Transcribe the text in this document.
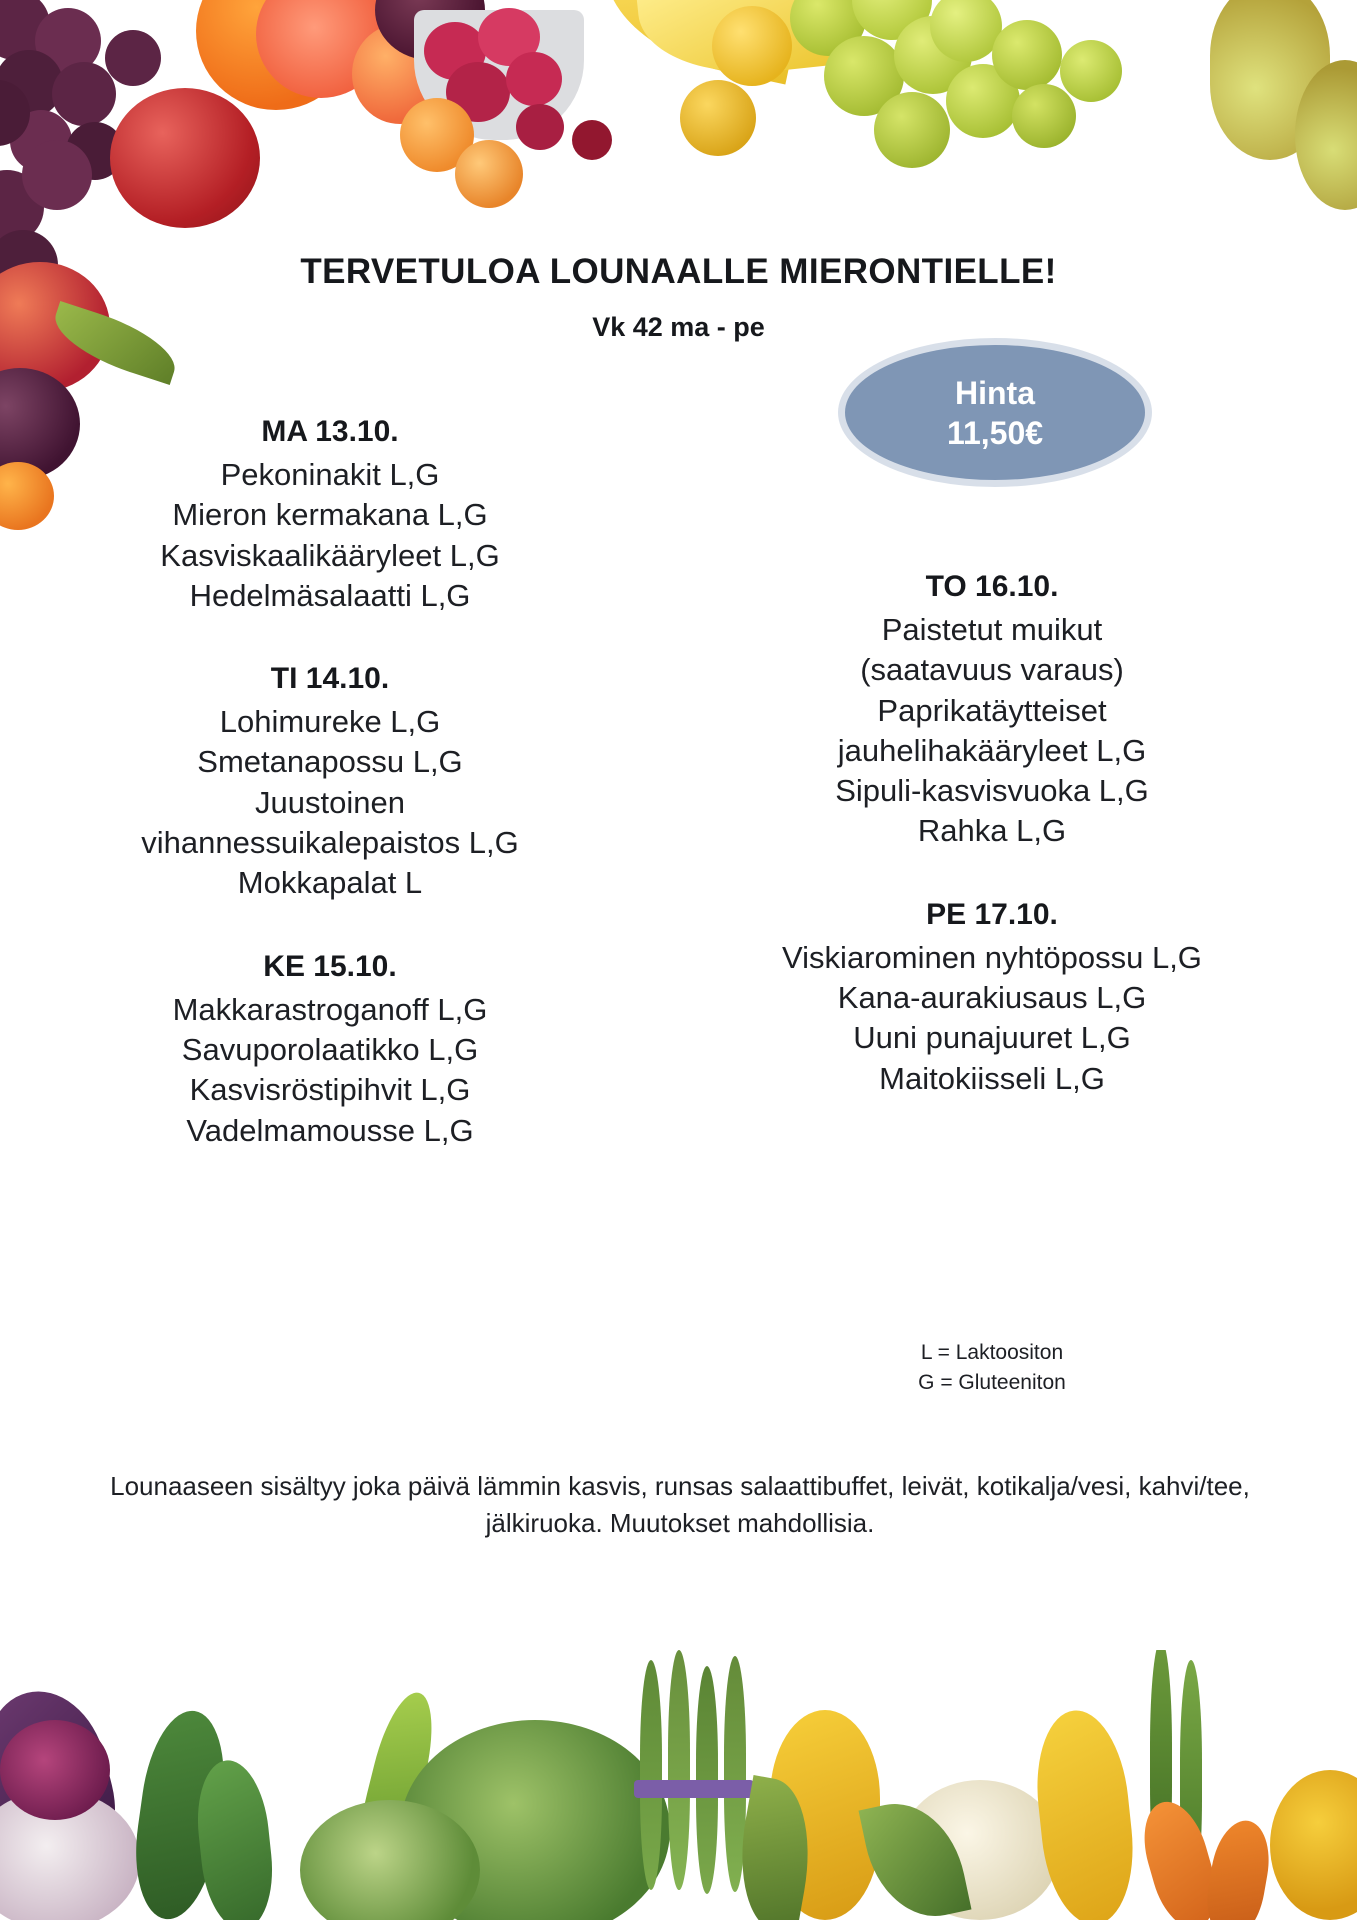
TERVETULOA LOUNAALLE MIERONTIELLE!
Vk 42 ma - pe
Hinta
11,50€
MA 13.10.
Pekoninakit L,G
Mieron kermakana L,G
Kasviskaalikääryleet L,G
Hedelmäsalaatti L,G
TI 14.10.
Lohimureke L,G
Smetanapossu L,G
Juustoinen
vihannessuikalepaistos L,G
Mokkapalat L
KE 15.10.
Makkarastroganoff L,G
Savuporolaatikko L,G
Kasvisröstipihvit L,G
Vadelmamousse L,G
TO 16.10.
Paistetut muikut
(saatavuus varaus)
Paprikatäytteiset
jauhelihakääryleet L,G
Sipuli-kasvisvuoka L,G
Rahka L,G
PE 17.10.
Viskiarominen nyhtöpossu L,G
Kana-aurakiusaus L,G
Uuni punajuuret L,G
Maitokiisseli L,G
L = Laktoositon
G = Gluteeniton
Lounaaseen sisältyy joka päivä lämmin kasvis, runsas salaattibuffet, leivät, kotikalja/vesi, kahvi/tee, jälkiruoka. Muutokset mahdollisia.
